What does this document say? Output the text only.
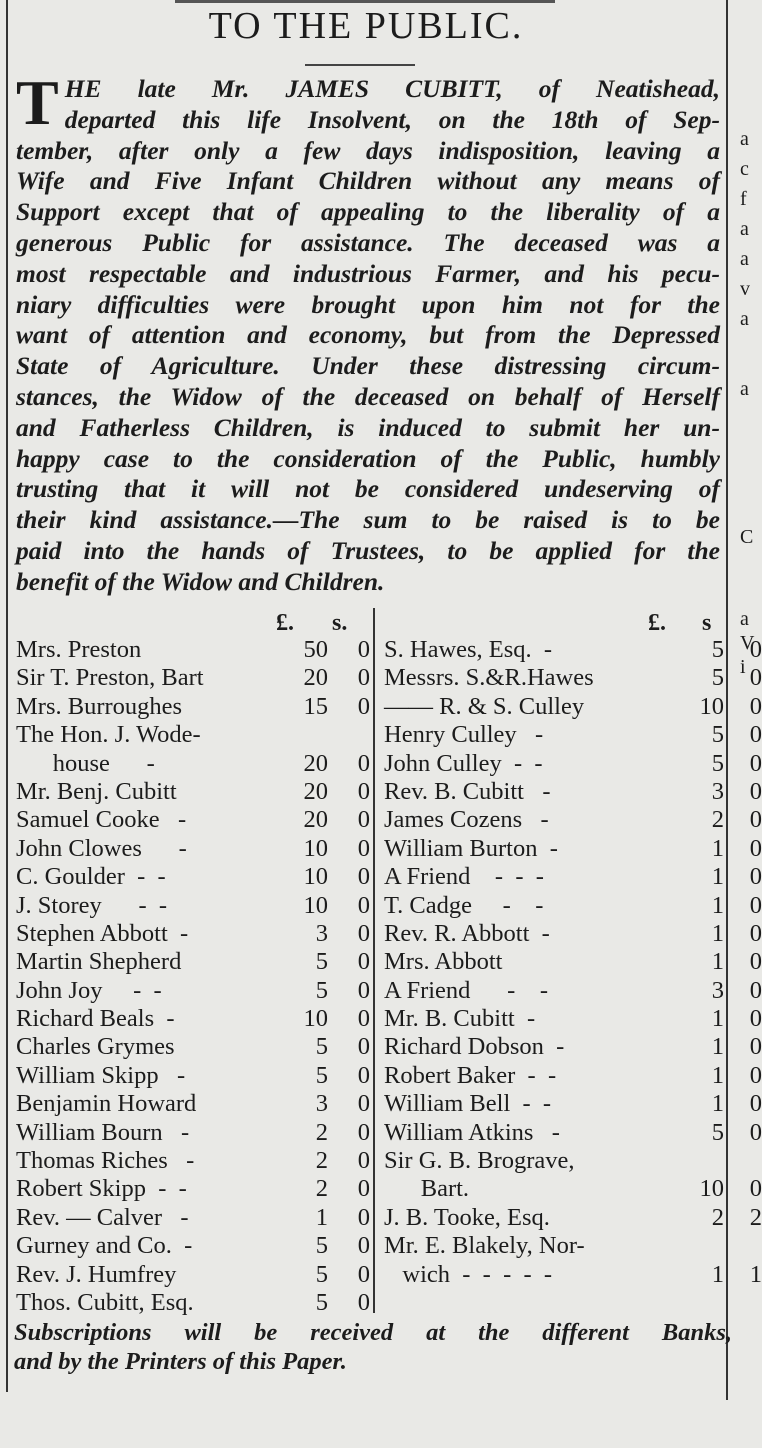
TO THE PUBLIC.
T HE late Mr. JAMES CUBITT, of Neatishead,
departed this life Insolvent, on the 18th of Sep-
tember, after only a few days indisposition, leaving a
Wife and Five Infant Children without any means of
Support except that of appealing to the liberality of a
generous Public for assistance. The deceased was a
most respectable and industrious Farmer, and his pecu-
niary difficulties were brought upon him not for the
want of attention and economy, but from the Depressed
State of Agriculture. Under these distressing circum-
stances, the Widow of the deceased on behalf of Herself
and Fatherless Children, is induced to submit her un-
happy case to the consideration of the Public, humbly
trusting that it will not be considered undeserving of
their kind assistance.—The sum to be raised is to be
paid into the hands of Trustees, to be applied for the
benefit of the Widow and Children.
£. s.	£. s
Mrs. Preston	50	0
Sir T. Preston, Bart	20	0
Mrs. Burroughes	15	0
The Hon. J. Wode-
house      -	20	0
Mr. Benj. Cubitt	20	0
Samuel Cooke   -	20	0
John Clowes      -	10	0
C. Goulder  -  -	10	0
J. Storey      -  -	10	0
Stephen Abbott  -	3	0
Martin Shepherd	5	0
John Joy     -  -	5	0
Richard Beals  -	10	0
Charles Grymes	5	0
William Skipp   -	5	0
Benjamin Howard	3	0
William Bourn   -	2	0
Thomas Riches   -	2	0
Robert Skipp  -  -	2	0
Rev. — Calver   -	1	0
Gurney and Co.  -	5	0
Rev. J. Humfrey	5	0
Thos. Cubitt, Esq.	5	0
S. Hawes, Esq.  -	5	0
Messrs. S.&R.Hawes	5	0
—— R. & S. Culley	10	0
Henry Culley   -	5	0
John Culley  -  -	5	0
Rev. B. Cubitt   -	3	0
James Cozens   -	2	0
William Burton  -	1	0
A Friend    -  -  -	1	0
T. Cadge     -    -	1	0
Rev. R. Abbott  -	1	0
Mrs. Abbott	1	0
A Friend      -    -	3	0
Mr. B. Cubitt  -	1	0
Richard Dobson  -	1	0
Robert Baker  -  -	1	0
William Bell  -  -	1	0
William Atkins   -	5	0
Sir G. B. Brograve,
Bart.	10	0
J. B. Tooke, Esq.	2	2
Mr. E. Blakely, Nor-
wich  -  -  -  -  -	1	1
Subscriptions will be received at the different Banks,
and by the Printers of this Paper.
a
c
f
a
a
v
a
a
C
a
V
i
